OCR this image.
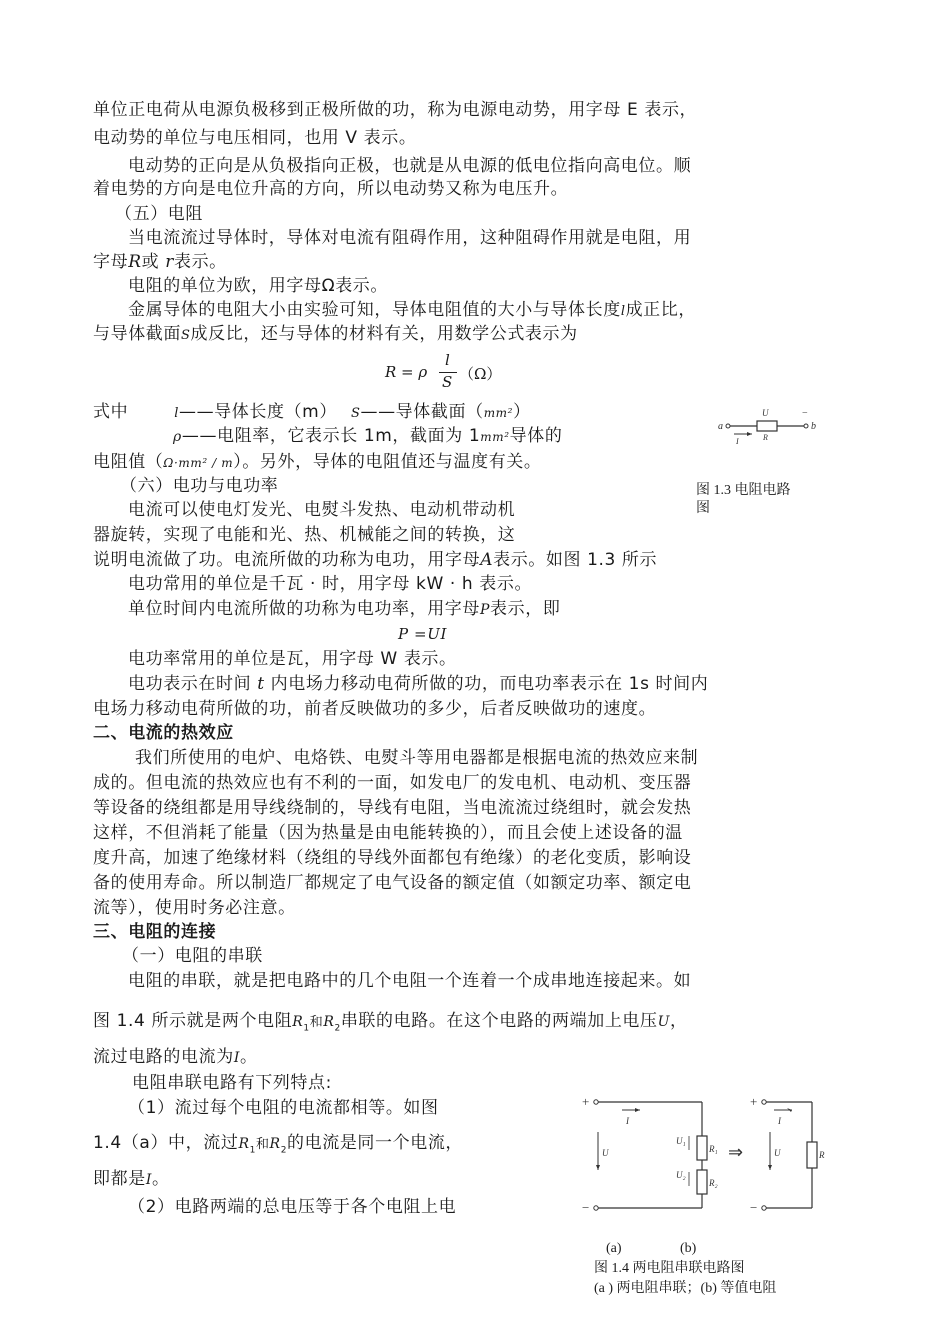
单位正电荷从电源负极移到正极所做的功，称为电源电动势，用字母 E 表示，
电动势的单位与电压相同，也用 V 表示。
电动势的正向是从负极指向正极，也就是从电源的低电位指向高电位。顺
着电势的方向是电位升高的方向，所以电动势又称为电压升。
（五）电阻
当电流流过导体时，导体对电流有阻碍作用，这种阻碍作用就是电阻，用
字母R或 r表示。
电阻的单位为欧，用字母Ω表示。
金属导体的电阻大小由实验可知，导体电阻值的大小与导体长度l成正比，
与导体截面S成反比，还与导体的材料有关，用数学公式表示为
R = ρ
l
S （Ω）
式中	l——导体长度（m） S——导体截面（mm²）
ρ——电阻率，它表示长 1m，截面为 1mm²导体的
电阻值（Ω·mm² / m）。另外，导体的电阻值还与温度有关。
a	b
U	−
R
I
图 1.3 电阻电路
图
（六）电功与电功率
电流可以使电灯发光、电熨斗发热、电动机带动机
器旋转，实现了电能和光、热、机械能之间的转换，这
说明电流做了功。电流所做的功称为电功，用字母A表示。如图 1.3 所示
电功常用的单位是千瓦 · 时，用字母 kW · h 表示。
单位时间内电流所做的功称为电功率，用字母P表示，即
P =UI
电功率常用的单位是瓦，用字母 W 表示。
电功表示在时间 t 内电场力移动电荷所做的功，而电功率表示在 1s 时间内
电场力移动电荷所做的功，前者反映做功的多少，后者反映做功的速度。
二、电流的热效应
我们所使用的电炉、电烙铁、电熨斗等用电器都是根据电流的热效应来制
成的。但电流的热效应也有不利的一面，如发电厂的发电机、电动机、变压器
等设备的绕组都是用导线绕制的，导线有电阻，当电流流过绕组时，就会发热
这样，不但消耗了能量（因为热量是由电能转换的），而且会使上述设备的温
度升高，加速了绝缘材料（绕组的导线外面都包有绝缘）的老化变质，影响设
备的使用寿命。所以制造厂都规定了电气设备的额定值（如额定功率、额定电
流等），使用时务必注意。
三、电阻的连接
（一）电阻的串联
电阻的串联，就是把电路中的几个电阻一个连着一个成串地连接起来。如
图 1.4 所示就是两个电阻$R_1$和$R_2$串联的电路。在这个电路的两端加上电压U，
流过电路的电流为I。
电阻串联电路有下列特点:
（1）流过每个电阻的电流都相等。如图
1.4（a）中，流过$R_1$和$R_2$的电流是同一个电流，
即都是I。
（2）电路两端的总电压等于各个电阻上电
+
−
I
U
U₁
R₁
U₂
R₂
⇒
+
−
I
U	R
(a)	(b)
图 1.4 两电阻串联电路图
(a ) 两电阻串联；(b) 等值电阻
